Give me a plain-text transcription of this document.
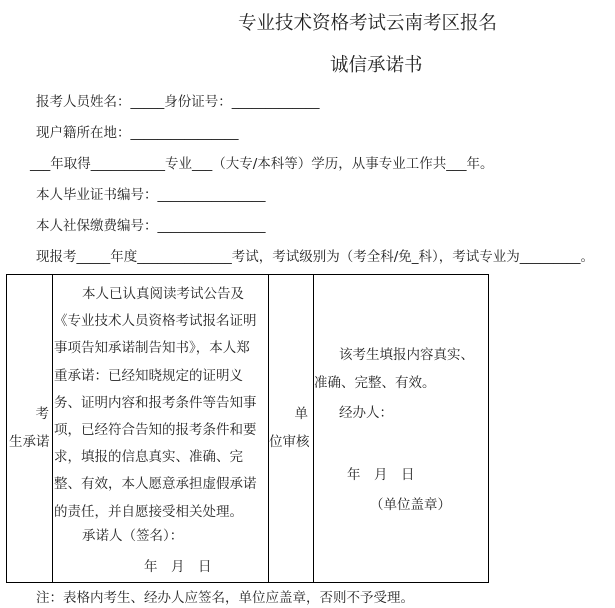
专业技术资格考试云南考区报名
诚信承诺书
报考人员姓名：_____身份证号：_____________
现户籍所在地：________________
___年取得___________专业___（大专/本科等）学历，从事专业工作共___年。
本人毕业证书编号：________________
本人社保缴费编号：________________
现报考_____年度______________考试，考试级别为（考全科/免_科），考试专业为_________。
考
生承诺
本人已认真阅读考试公告及
《专业技术人员资格考试报名证明
事项告知承诺制告知书》，本人郑
重承诺：已经知晓规定的证明义
务、证明内容和报考条件等告知事
项，已经符合告知的报考条件和要
求，填报的信息真实、准确、完
整、有效，本人愿意承担虚假承诺
的责任，并自愿接受相关处理。
承诺人（签名）：
年　月　日
单
位审核
该考生填报内容真实、
准确、完整、有效。
经办人：
年　月　日
（单位盖章）
注：表格内考生、经办人应签名，单位应盖章，否则不予受理。
